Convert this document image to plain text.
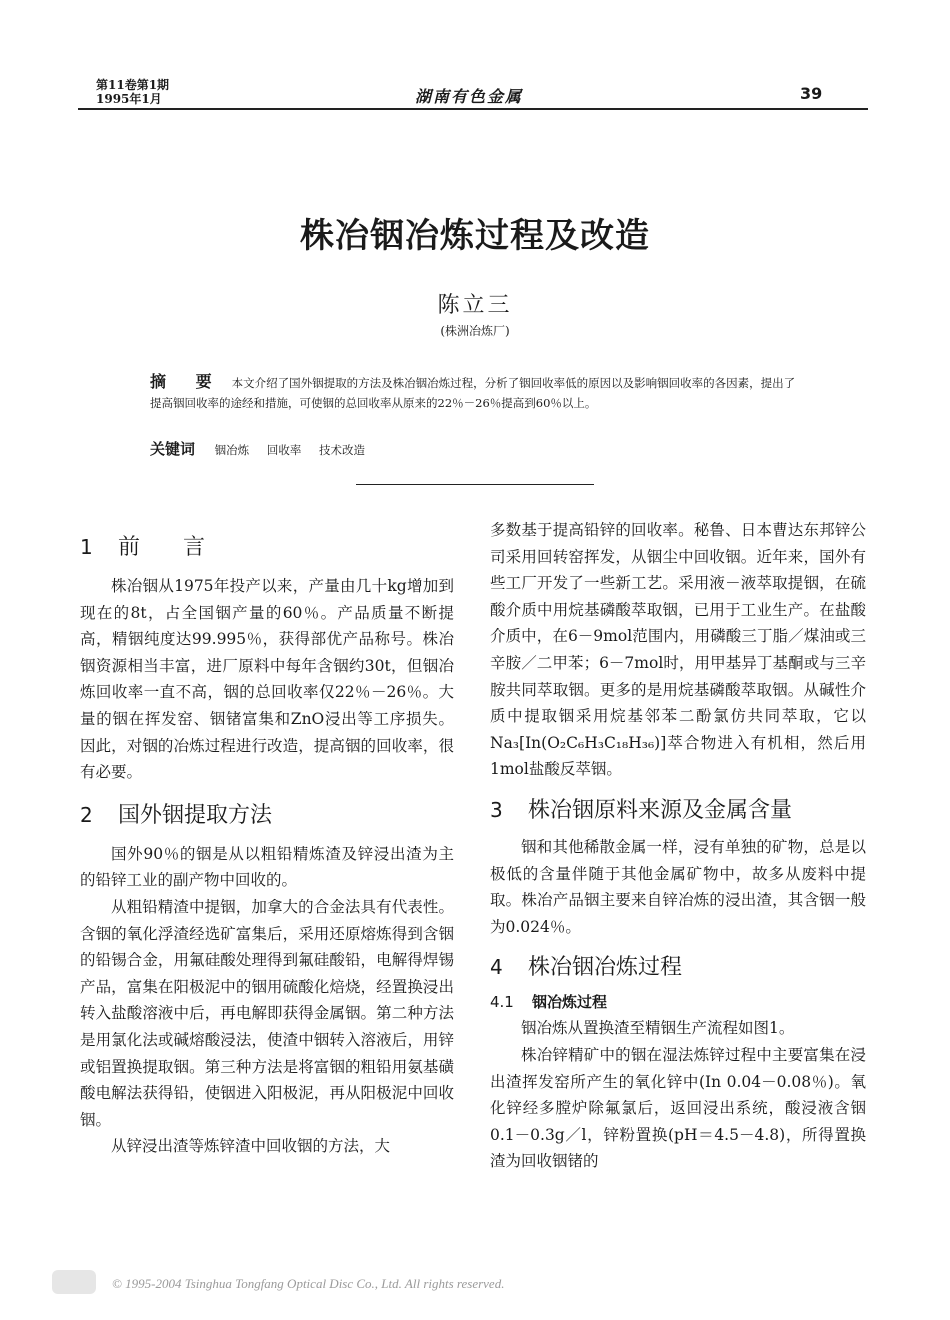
第11卷第1期
1995年1月	湖南有色金属	39
株冶铟冶炼过程及改造
陈立三
(株洲冶炼厂)
摘 要 本文介绍了国外铟提取的方法及株冶铟冶炼过程，分析了铟回收率低的原因以及影响铟回收率的各因素，提出了提高铟回收率的途经和措施，可使铟的总回收率从原来的22％－26％提高到60％以上。
关键词 铟冶炼 回收率 技术改造
1 前 言

株冶铟从1975年投产以来，产量由几十kg增加到现在的8t，占全国铟产量的60％。产品质量不断提高，精铟纯度达99.995％，获得部优产品称号。株冶铟资源相当丰富，进厂原料中每年含铟约30t，但铟冶炼回收率一直不高，铟的总回收率仅22％－26％。大量的铟在挥发窑、铟锗富集和ZnO浸出等工序损失。因此，对铟的冶炼过程进行改造，提高铟的回收率，很有必要。

2 国外铟提取方法

国外90％的铟是从以粗铅精炼渣及锌浸出渣为主的铅锌工业的副产物中回收的。

从粗铅精渣中提铟，加拿大的合金法具有代表性。含铟的氧化浮渣经选矿富集后，采用还原熔炼得到含铟的铅锡合金，用氟硅酸处理得到氟硅酸铅，电解得焊锡产品，富集在阳极泥中的铟用硫酸化焙烧，经置换浸出转入盐酸溶液中后，再电解即获得金属铟。第二种方法是用氯化法或碱熔酸浸法，使渣中铟转入溶液后，用锌或铝置换提取铟。第三种方法是将富铟的粗铅用氨基磺酸电解法获得铅，使铟进入阳极泥，再从阳极泥中回收铟。

从锌浸出渣等炼锌渣中回收铟的方法，大

多数基于提高铅锌的回收率。秘鲁、日本曹达东邦锌公司采用回转窑挥发，从铟尘中回收铟。近年来，国外有些工厂开发了一些新工艺。采用液－液萃取提铟，在硫酸介质中用烷基磷酸萃取铟，已用于工业生产。在盐酸介质中，在6－9mol范围内，用磷酸三丁脂／煤油或三辛胺／二甲苯；6－7mol时，用甲基异丁基酮或与三辛胺共同萃取铟。更多的是用烷基磷酸萃取铟。从碱性介质中提取铟采用烷基邻苯二酚氯仿共同萃取，它以Na₃[In(O₂C₆H₃C₁₈H₃₆)]萃合物进入有机相，然后用1mol盐酸反萃铟。

3 株冶铟原料来源及金属含量

铟和其他稀散金属一样，浸有单独的矿物，总是以极低的含量伴随于其他金属矿物中，故多从废料中提取。株冶产品铟主要来自锌冶炼的浸出渣，其含铟一般为0.024％。

4 株冶铟冶炼过程
4.1 铟冶炼过程

铟冶炼从置换渣至精铟生产流程如图1。

株冶锌精矿中的铟在湿法炼锌过程中主要富集在浸出渣挥发窑所产生的氧化锌中(In 0.04－0.08％)。氧化锌经多膛炉除氟氯后，返回浸出系统，酸浸液含铟0.1－0.3g／l，锌粉置换(pH＝4.5－4.8)，所得置换渣为回收铟锗的

© 1995-2004 Tsinghua Tongfang Optical Disc Co., Ltd. All rights reserved.
